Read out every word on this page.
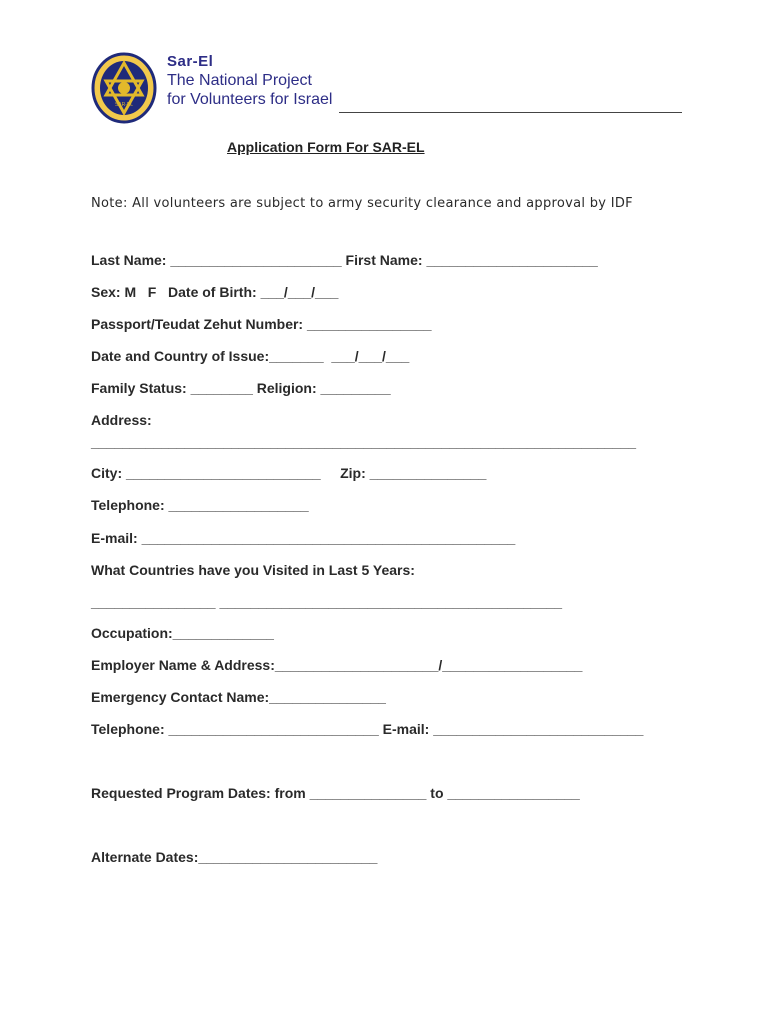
SAR-EL
Sar-El
The National Project
for Volunteers for Israel
Application Form For SAR-EL
Note: All volunteers are subject to army security clearance and approval by IDF
Last Name: ______________________ First Name: ______________________
Sex: M   F   Date of Birth: ___/___/___
Passport/Teudat Zehut Number: ________________
Date and Country of Issue:_______  ___/___/___
Family Status: ________ Religion: _________
Address:
______________________________________________________________________
City: _________________________     Zip: _______________
Telephone: __________________
E-mail: ________________________________________________
What Countries have you Visited in Last 5 Years:
________________ ____________________________________________
Occupation:_____________
Employer Name & Address:_____________________/__________________
Emergency Contact Name:_______________
Telephone: ___________________________ E-mail: ___________________________
Requested Program Dates: from _______________ to _________________
Alternate Dates:_______________________
